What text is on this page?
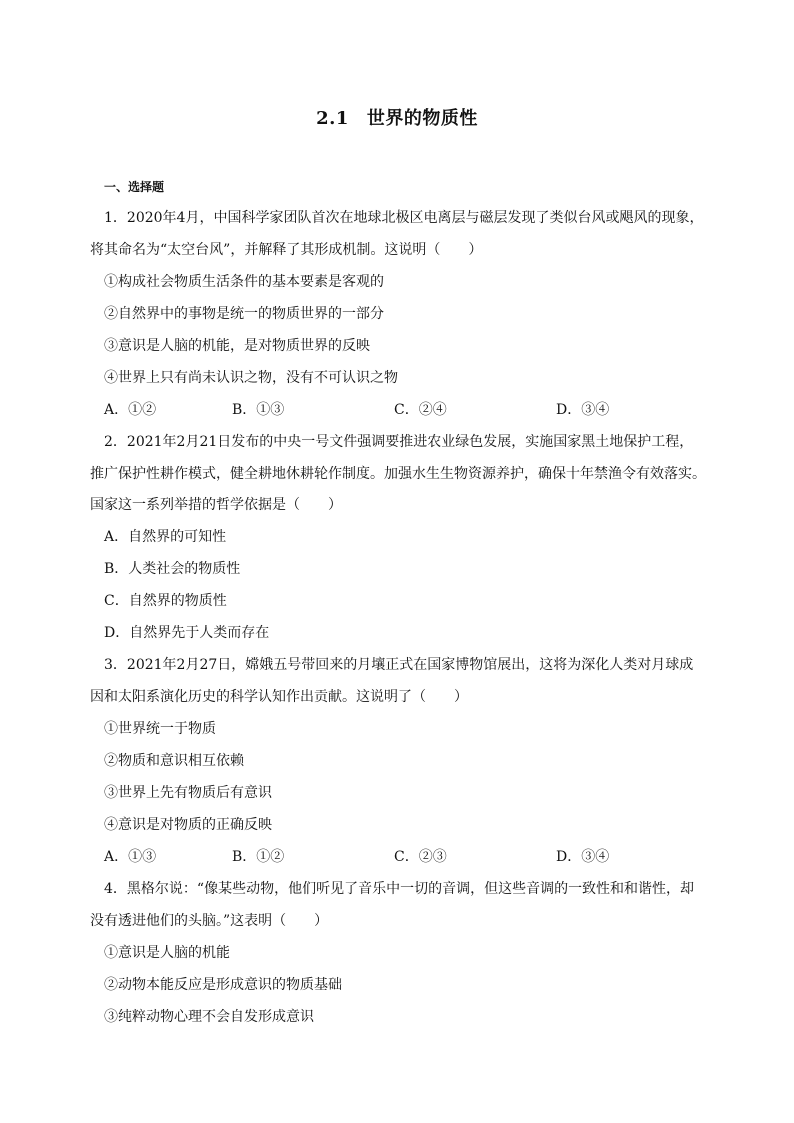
2.1 世界的物质性
一、选择题
1．2020年4月，中国科学家团队首次在地球北极区电离层与磁层发现了类似台风或飓风的现象，
将其命名为“太空台风”，并解释了其形成机制。这说明（　　）
①构成社会物质生活条件的基本要素是客观的
②自然界中的事物是统一的物质世界的一部分
③意识是人脑的机能，是对物质世界的反映
④世界上只有尚未认识之物，没有不可认识之物
A．①②	B．①③	C．②④	D．③④
2．2021年2月21日发布的中央一号文件强调要推进农业绿色发展，实施国家黑土地保护工程，
推广保护性耕作模式，健全耕地休耕轮作制度。加强水生生物资源养护，确保十年禁渔令有效落实。
国家这一系列举措的哲学依据是（　　）
A．自然界的可知性
B．人类社会的物质性
C．自然界的物质性
D．自然界先于人类而存在
3．2021年2月27日，嫦娥五号带回来的月壤正式在国家博物馆展出，这将为深化人类对月球成
因和太阳系演化历史的科学认知作出贡献。这说明了（　　）
①世界统一于物质
②物质和意识相互依赖
③世界上先有物质后有意识
④意识是对物质的正确反映
A．①③	B．①②	C．②③	D．③④
4．黑格尔说：“像某些动物，他们听见了音乐中一切的音调，但这些音调的一致性和和谐性，却
没有透进他们的头脑。”这表明（　　）
①意识是人脑的机能
②动物本能反应是形成意识的物质基础
③纯粹动物心理不会自发形成意识
